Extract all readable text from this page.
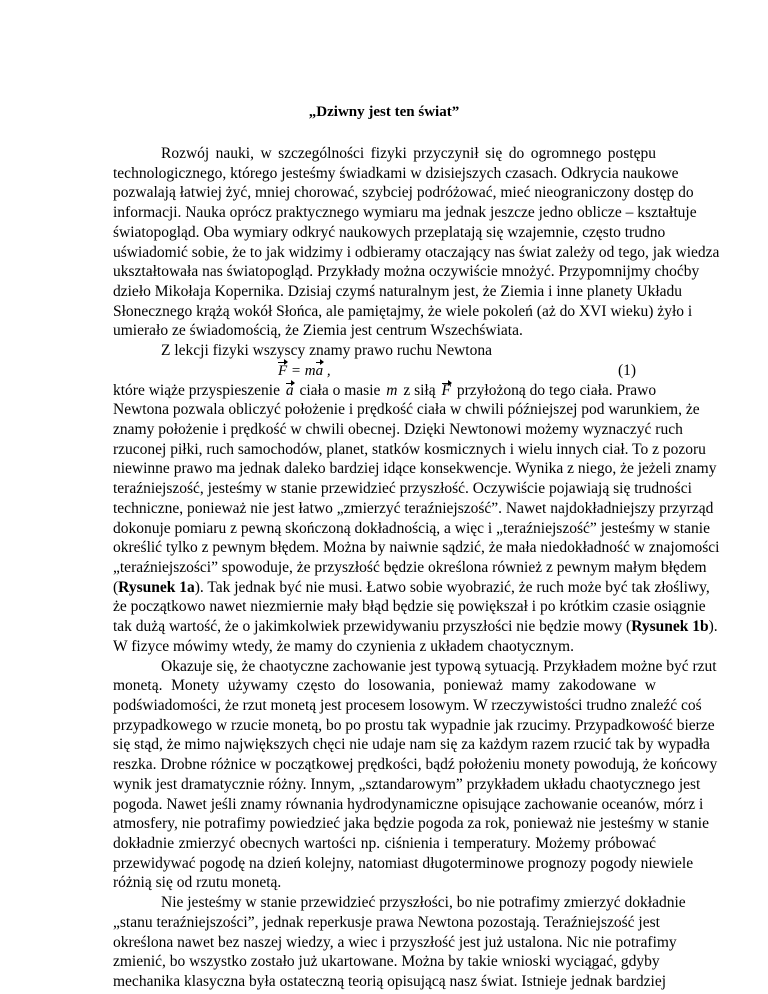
„Dziwny jest ten świat”
Rozwój nauki, w szczególności fizyki przyczynił się do ogromnego postępu
technologicznego, którego jesteśmy świadkami w dzisiejszych czasach. Odkrycia naukowe
pozwalają łatwiej żyć, mniej chorować, szybciej podróżować, mieć nieograniczony dostęp do
informacji. Nauka oprócz praktycznego wymiaru ma jednak jeszcze jedno oblicze – kształtuje
światopogląd. Oba wymiary odkryć naukowych przeplatają się wzajemnie, często trudno
uświadomić sobie, że to jak widzimy i odbieramy otaczający nas świat zależy od tego, jak wiedza
ukształtowała nas światopogląd. Przykłady można oczywiście mnożyć. Przypomnijmy choćby
dzieło Mikołaja Kopernika. Dzisiaj czymś naturalnym jest, że Ziemia i inne planety Układu
Słonecznego krążą wokół Słońca, ale pamiętajmy, że wiele pokoleń (aż do XVI wieku) żyło i
umierało ze świadomością, że Ziemia jest centrum Wszechświata.
Z lekcji fizyki wszyscy znamy prawo ruchu Newtona
F = ma ,	(1)
które wiąże przyspieszenie a ciała o masie m z siłą F przyłożoną do tego ciała. Prawo
Newtona pozwala obliczyć położenie i prędkość ciała w chwili późniejszej pod warunkiem, że
znamy położenie i prędkość w chwili obecnej. Dzięki Newtonowi możemy wyznaczyć ruch
rzuconej piłki, ruch samochodów, planet, statków kosmicznych i wielu innych ciał. To z pozoru
niewinne prawo ma jednak daleko bardziej idące konsekwencje. Wynika z niego, że jeżeli znamy
teraźniejszość, jesteśmy w stanie przewidzieć przyszłość. Oczywiście pojawiają się trudności
techniczne, ponieważ nie jest łatwo „zmierzyć teraźniejszość”. Nawet najdokładniejszy przyrząd
dokonuje pomiaru z pewną skończoną dokładnością, a więc i „teraźniejszość” jesteśmy w stanie
określić tylko z pewnym błędem. Można by naiwnie sądzić, że mała niedokładność w znajomości
„teraźniejszości” spowoduje, że przyszłość będzie określona również z pewnym małym błędem
(Rysunek 1a). Tak jednak być nie musi. Łatwo sobie wyobrazić, że ruch może być tak złośliwy,
że początkowo nawet niezmiernie mały błąd będzie się powiększał i po krótkim czasie osiągnie
tak dużą wartość, że o jakimkolwiek przewidywaniu przyszłości nie będzie mowy (Rysunek 1b).
W fizyce mówimy wtedy, że mamy do czynienia z układem chaotycznym.
Okazuje się, że chaotyczne zachowanie jest typową sytuacją. Przykładem możne być rzut
monetą. Monety używamy często do losowania, ponieważ mamy zakodowane w
podświadomości, że rzut monetą jest procesem losowym. W rzeczywistości trudno znaleźć coś
przypadkowego w rzucie monetą, bo po prostu tak wypadnie jak rzucimy. Przypadkowość bierze
się stąd, że mimo największych chęci nie udaje nam się za każdym razem rzucić tak by wypadła
reszka. Drobne różnice w początkowej prędkości, bądź położeniu monety powodują, że końcowy
wynik jest dramatycznie różny. Innym, „sztandarowym” przykładem układu chaotycznego jest
pogoda. Nawet jeśli znamy równania hydrodynamiczne opisujące zachowanie oceanów, mórz i
atmosfery, nie potrafimy powiedzieć jaka będzie pogoda za rok, ponieważ nie jesteśmy w stanie
dokładnie zmierzyć obecnych wartości np. ciśnienia i temperatury. Możemy próbować
przewidywać pogodę na dzień kolejny, natomiast długoterminowe prognozy pogody niewiele
różnią się od rzutu monetą.
Nie jesteśmy w stanie przewidzieć przyszłości, bo nie potrafimy zmierzyć dokładnie
„stanu teraźniejszości”, jednak reperkusje prawa Newtona pozostają. Teraźniejszość jest
określona nawet bez naszej wiedzy, a wiec i przyszłość jest już ustalona. Nic nie potrafimy
zmienić, bo wszystko zostało już ukartowane. Można by takie wnioski wyciągać, gdyby
mechanika klasyczna była ostateczną teorią opisującą nasz świat. Istnieje jednak bardziej
